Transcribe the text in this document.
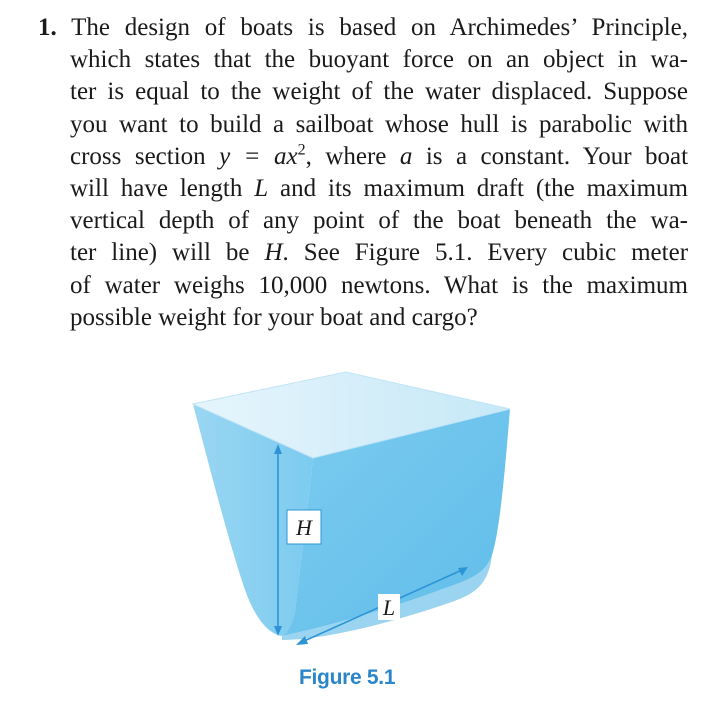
1. The design of boats is based on Archimedes’ Principle,
which states that the buoyant force on an object in wa-
ter is equal to the weight of the water displaced. Suppose
you want to build a sailboat whose hull is parabolic with
cross section $y = ax^2$, where a is a constant. Your boat
will have length L and its maximum draft (the maximum
vertical depth of any point of the boat beneath the wa-
ter line) will be H. See Figure 5.1. Every cubic meter
of water weighs 10,000 newtons. What is the maximum
possible weight for your boat and cargo?
H
L
Figure 5.1
